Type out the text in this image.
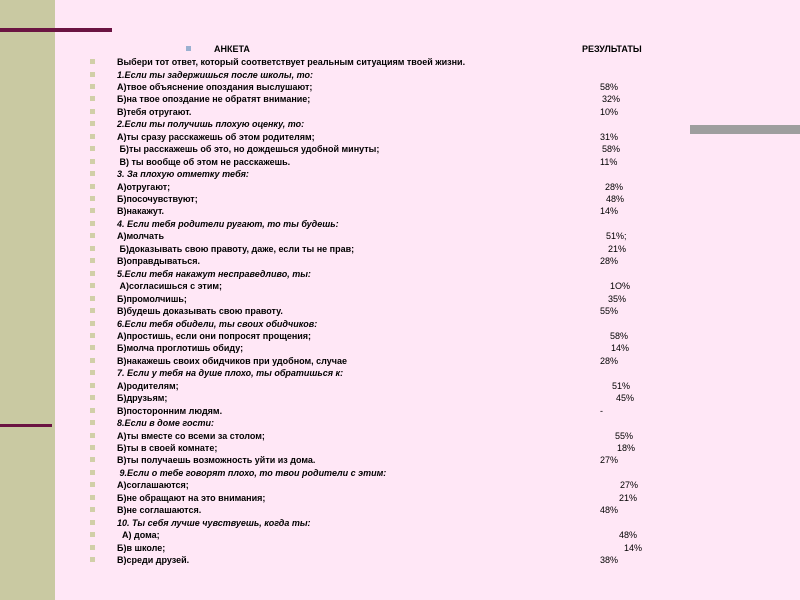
АНКЕТА	РЕЗУЛЬТАТЫ
Выбери тот ответ, который соответствует реальным ситуациям твоей жизни.
1.Если ты задержишься после школы, то:
А)твое объяснение опоздания выслушают;	58%
Б)на твое опоздание не обратят внимание;	32%
В)тебя отругают.	10%
2.Если ты получишь плохую оценку, то:
А)ты сразу расскажешь об этом родителям;	31%
Б)ты расскажешь об это, но дождешься удобной минуты;	58%
В) ты вообще об этом не расскажешь.	11%
3. За плохую отметку тебя:
А)отругают;	28%
Б)посочувствуют;	48%
В)накажут.	14%
4. Если тебя родители ругают, то ты будешь:
А)молчать	51%;
Б)доказывать свою правоту, даже, если ты не прав;	21%
В)оправдываться.	28%
5.Если тебя накажут несправедливо, ты:
А)согласишься с этим;	1О%
Б)промолчишь;	35%
В)будешь доказывать свою правоту.	55%
6.Если тебя обидели, ты своих обидчиков:
А)простишь, если они попросят прощения;	58%
Б)молча проглотишь обиду;	14%
В)накажешь своих обидчиков при удобном, случае	28%
7. Если у тебя на душе плохо, ты обратишься к:
А)родителям;	51%
Б)друзьям;	45%
В)посторонним людям.	-
8.Если в доме гости:
А)ты вместе со всеми за столом;	55%
Б)ты в своей комнате;	18%
В)ты получаешь возможность уйти из дома.	27%
9.Если о тебе говорят плохо, то твои родители с этим:
А)соглашаются;	27%
Б)не обращают на это внимания;	21%
В)не соглашаются.	48%
10. Ты себя лучше чувствуешь, когда ты:
А) дома;	48%
Б)в школе;	14%
В)среди друзей.	38%
